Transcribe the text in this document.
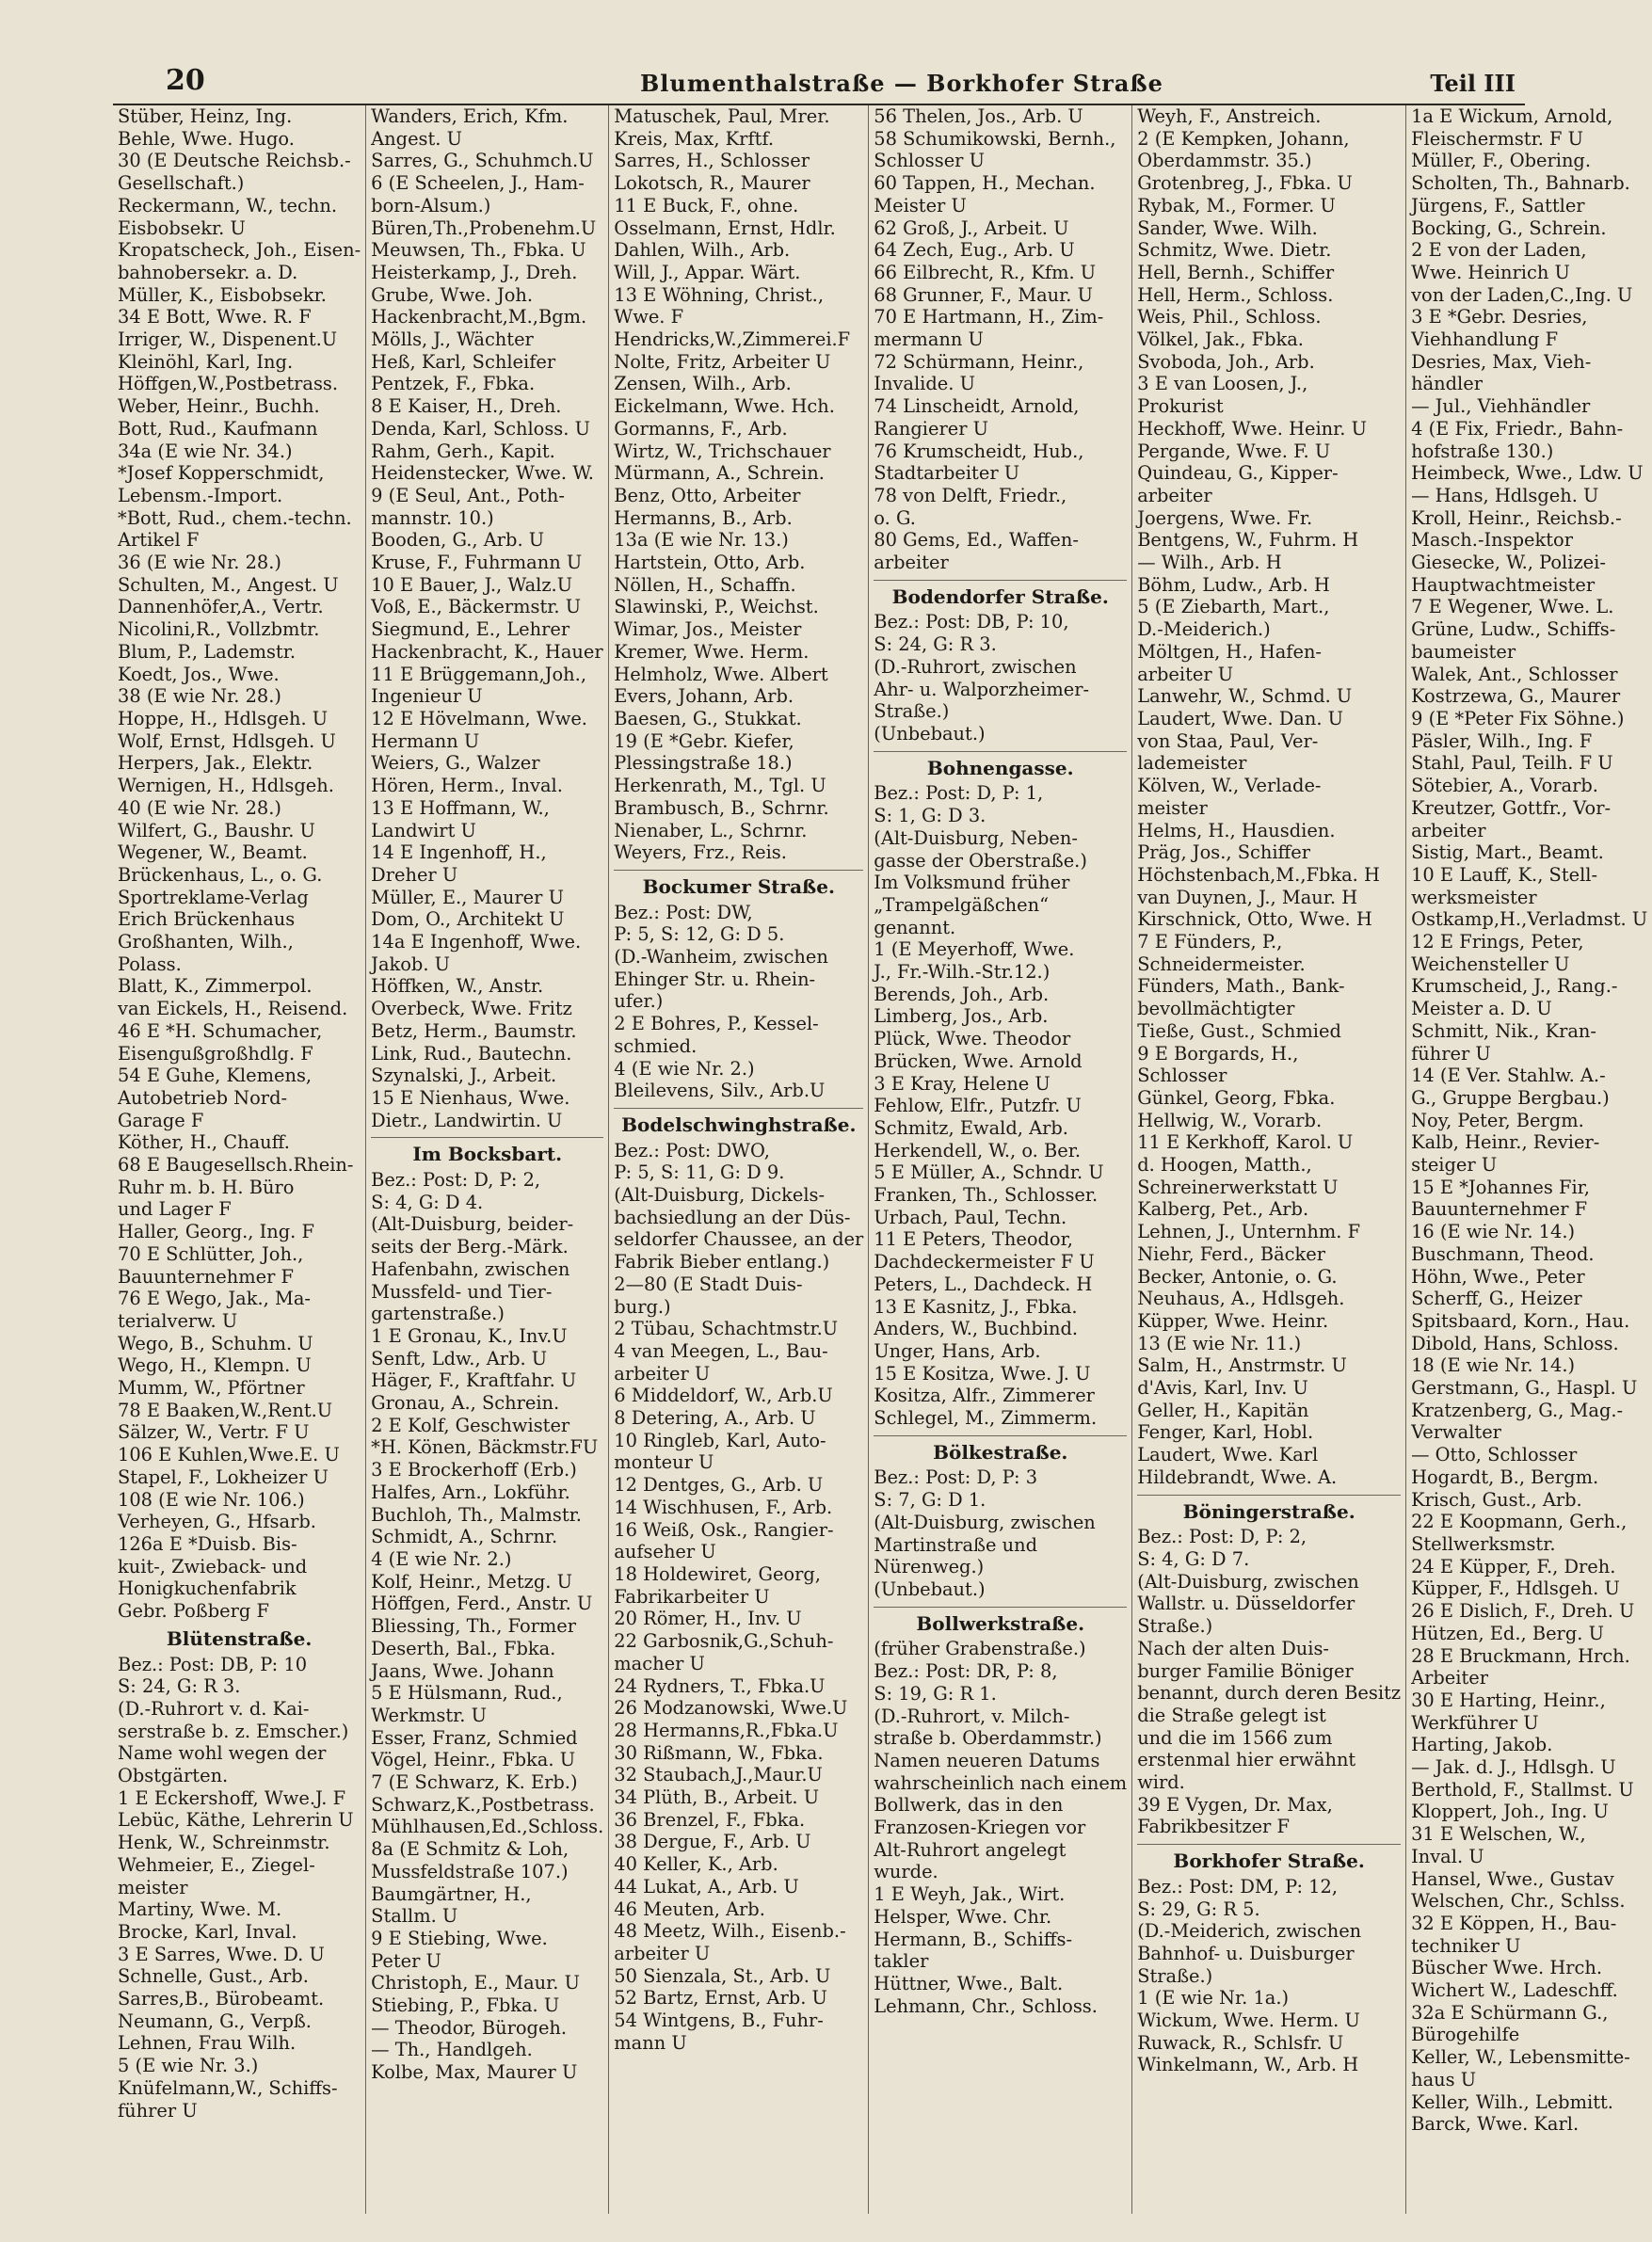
20	Blumenthalstraße — Borkhofer Straße	Teil III
Stüber, Heinz, Ing.
Behle, Wwe. Hugo.
30 (E Deutsche Reichsb.-
Gesellschaft.)
Reckermann, W., techn.
Eisbobsekr. U
Kropatscheck, Joh., Eisen-
bahnobersekr. a. D.
Müller, K., Eisbobsekr.
34 E Bott, Wwe. R. F
Irriger, W., Dispenent.U
Kleinöhl, Karl, Ing.
Höffgen,W.,Postbetrass.
Weber, Heinr., Buchh.
Bott, Rud., Kaufmann
34a (E wie Nr. 34.)
*Josef Kopperschmidt,
Lebensm.-Import.
*Bott, Rud., chem.-techn.
Artikel F
36 (E wie Nr. 28.)
Schulten, M., Angest. U
Dannenhöfer,A., Vertr.
Nicolini,R., Vollzbmtr.
Blum, P., Lademstr.
Koedt, Jos., Wwe.
38 (E wie Nr. 28.)
Hoppe, H., Hdlsgeh. U
Wolf, Ernst, Hdlsgeh. U
Herpers, Jak., Elektr.
Wernigen, H., Hdlsgeh.
40 (E wie Nr. 28.)
Wilfert, G., Baushr. U
Wegener, W., Beamt.
Brückenhaus, L., o. G.
Sportreklame-Verlag
Erich Brückenhaus
Großhanten, Wilh.,
Polass.
Blatt, K., Zimmerpol.
van Eickels, H., Reisend.
46 E *H. Schumacher,
Eisengußgroßhdlg. F
54 E Guhe, Klemens,
Autobetrieb Nord-
Garage F
Köther, H., Chauff.
68 E Baugesellsch.Rhein-
Ruhr m. b. H. Büro
und Lager F
Haller, Georg., Ing. F
70 E Schlütter, Joh.,
Bauunternehmer F
76 E Wego, Jak., Ma-
terialverw. U
Wego, B., Schuhm. U
Wego, H., Klempn. U
Mumm, W., Pförtner
78 E Baaken,W.,Rent.U
Sälzer, W., Vertr. F U
106 E Kuhlen,Wwe.E. U
Stapel, F., Lokheizer U
108 (E wie Nr. 106.)
Verheyen, G., Hfsarb.
126a E *Duisb. Bis-
kuit-, Zwieback- und
Honigkuchenfabrik
Gebr. Poßberg F
Blütenstraße.
Bez.: Post: DB, P: 10
S: 24, G: R 3.
(D.-Ruhrort v. d. Kai-
serstraße b. z. Emscher.)
Name wohl wegen der
Obstgärten.
1 E Eckershoff, Wwe.J. F
Lebüc, Käthe, Lehrerin U
Henk, W., Schreinmstr.
Wehmeier, E., Ziegel-
meister
Martiny, Wwe. M.
Brocke, Karl, Inval.
3 E Sarres, Wwe. D. U
Schnelle, Gust., Arb.
Sarres,B., Bürobeamt.
Neumann, G., Verpß.
Lehnen, Frau Wilh.
5 (E wie Nr. 3.)
Knüfelmann,W., Schiffs-
führer U
Wanders, Erich, Kfm.
Angest. U
Sarres, G., Schuhmch.U
6 (E Scheelen, J., Ham-
born-Alsum.)
Büren,Th.,Probenehm.U
Meuwsen, Th., Fbka. U
Heisterkamp, J., Dreh.
Grube, Wwe. Joh.
Hackenbracht,M.,Bgm.
Mölls, J., Wächter
Heß, Karl, Schleifer
Pentzek, F., Fbka.
8 E Kaiser, H., Dreh.
Denda, Karl, Schloss. U
Rahm, Gerh., Kapit.
Heidenstecker, Wwe. W.
9 (E Seul, Ant., Poth-
mannstr. 10.)
Booden, G., Arb. U
Kruse, F., Fuhrmann U
10 E Bauer, J., Walz.U
Voß, E., Bäckermstr. U
Siegmund, E., Lehrer
Hackenbracht, K., Hauer
11 E Brüggemann,Joh.,
Ingenieur U
12 E Hövelmann, Wwe.
Hermann U
Weiers, G., Walzer
Hören, Herm., Inval.
13 E Hoffmann, W.,
Landwirt U
14 E Ingenhoff, H.,
Dreher U
Müller, E., Maurer U
Dom, O., Architekt U
14a E Ingenhoff, Wwe.
Jakob. U
Höffken, W., Anstr.
Overbeck, Wwe. Fritz
Betz, Herm., Baumstr.
Link, Rud., Bautechn.
Szynalski, J., Arbeit.
15 E Nienhaus, Wwe.
Dietr., Landwirtin. U
Im Bocksbart.
Bez.: Post: D, P: 2,
S: 4, G: D 4.
(Alt-Duisburg, beider-
seits der Berg.-Märk.
Hafenbahn, zwischen
Mussfeld- und Tier-
gartenstraße.)
1 E Gronau, K., Inv.U
Senft, Ldw., Arb. U
Häger, F., Kraftfahr. U
Gronau, A., Schrein.
2 E Kolf, Geschwister
*H. Könen, Bäckmstr.FU
3 E Brockerhoff (Erb.)
Halfes, Arn., Lokführ.
Buchloh, Th., Malmstr.
Schmidt, A., Schrnr.
4 (E wie Nr. 2.)
Kolf, Heinr., Metzg. U
Höffgen, Ferd., Anstr. U
Bliessing, Th., Former
Deserth, Bal., Fbka.
Jaans, Wwe. Johann
5 E Hülsmann, Rud.,
Werkmstr. U
Esser, Franz, Schmied
Vögel, Heinr., Fbka. U
7 (E Schwarz, K. Erb.)
Schwarz,K.,Postbetrass.
Mühlhausen,Ed.,Schloss.
8a (E Schmitz & Loh,
Mussfeldstraße 107.)
Baumgärtner, H.,
Stallm. U
9 E Stiebing, Wwe.
Peter U
Christoph, E., Maur. U
Stiebing, P., Fbka. U
— Theodor, Bürogeh.
— Th., Handlgeh.
Kolbe, Max, Maurer U
Matuschek, Paul, Mrer.
Kreis, Max, Krftf.
Sarres, H., Schlosser
Lokotsch, R., Maurer
11 E Buck, F., ohne.
Osselmann, Ernst, Hdlr.
Dahlen, Wilh., Arb.
Will, J., Appar. Wärt.
13 E Wöhning, Christ.,
Wwe. F
Hendricks,W.,Zimmerei.F
Nolte, Fritz, Arbeiter U
Zensen, Wilh., Arb.
Eickelmann, Wwe. Hch.
Gormanns, F., Arb.
Wirtz, W., Trichschauer
Mürmann, A., Schrein.
Benz, Otto, Arbeiter
Hermanns, B., Arb.
13a (E wie Nr. 13.)
Hartstein, Otto, Arb.
Nöllen, H., Schaffn.
Slawinski, P., Weichst.
Wimar, Jos., Meister
Kremer, Wwe. Herm.
Helmholz, Wwe. Albert
Evers, Johann, Arb.
Baesen, G., Stukkat.
19 (E *Gebr. Kiefer,
Plessingstraße 18.)
Herkenrath, M., Tgl. U
Brambusch, B., Schrnr.
Nienaber, L., Schrnr.
Weyers, Frz., Reis.
Bockumer Straße.
Bez.: Post: DW,
P: 5, S: 12, G: D 5.
(D.-Wanheim, zwischen
Ehinger Str. u. Rhein-
ufer.)
2 E Bohres, P., Kessel-
schmied.
4 (E wie Nr. 2.)
Bleilevens, Silv., Arb.U
Bodelschwinghstraße.
Bez.: Post: DWO,
P: 5, S: 11, G: D 9.
(Alt-Duisburg, Dickels-
bachsiedlung an der Düs-
seldorfer Chaussee, an der
Fabrik Bieber entlang.)
2—80 (E Stadt Duis-
burg.)
2 Tübau, Schachtmstr.U
4 van Meegen, L., Bau-
arbeiter U
6 Middeldorf, W., Arb.U
8 Detering, A., Arb. U
10 Ringleb, Karl, Auto-
monteur U
12 Dentges, G., Arb. U
14 Wischhusen, F., Arb.
16 Weiß, Osk., Rangier-
aufseher U
18 Holdewiret, Georg,
Fabrikarbeiter U
20 Römer, H., Inv. U
22 Garbosnik,G.,Schuh-
macher U
24 Rydners, T., Fbka.U
26 Modzanowski, Wwe.U
28 Hermanns,R.,Fbka.U
30 Rißmann, W., Fbka.
32 Staubach,J.,Maur.U
34 Plüth, B., Arbeit. U
36 Brenzel, F., Fbka.
38 Dergue, F., Arb. U
40 Keller, K., Arb.
44 Lukat, A., Arb. U
46 Meuten, Arb.
48 Meetz, Wilh., Eisenb.-
arbeiter U
50 Sienzala, St., Arb. U
52 Bartz, Ernst, Arb. U
54 Wintgens, B., Fuhr-
mann U
56 Thelen, Jos., Arb. U
58 Schumikowski, Bernh.,
Schlosser U
60 Tappen, H., Mechan.
Meister U
62 Groß, J., Arbeit. U
64 Zech, Eug., Arb. U
66 Eilbrecht, R., Kfm. U
68 Grunner, F., Maur. U
70 E Hartmann, H., Zim-
mermann U
72 Schürmann, Heinr.,
Invalide. U
74 Linscheidt, Arnold,
Rangierer U
76 Krumscheidt, Hub.,
Stadtarbeiter U
78 von Delft, Friedr.,
o. G.
80 Gems, Ed., Waffen-
arbeiter
Bodendorfer Straße.
Bez.: Post: DB, P: 10,
S: 24, G: R 3.
(D.-Ruhrort, zwischen
Ahr- u. Walporzheimer-
Straße.)
(Unbebaut.)
Bohnengasse.
Bez.: Post: D, P: 1,
S: 1, G: D 3.
(Alt-Duisburg, Neben-
gasse der Oberstraße.)
Im Volksmund früher
„Trampelgäßchen“
genannt.
1 (E Meyerhoff, Wwe.
J., Fr.-Wilh.-Str.12.)
Berends, Joh., Arb.
Limberg, Jos., Arb.
Plück, Wwe. Theodor
Brücken, Wwe. Arnold
3 E Kray, Helene U
Fehlow, Elfr., Putzfr. U
Schmitz, Ewald, Arb.
Herkendell, W., o. Ber.
5 E Müller, A., Schndr. U
Franken, Th., Schlosser.
Urbach, Paul, Techn.
11 E Peters, Theodor,
Dachdeckermeister F U
Peters, L., Dachdeck. H
13 E Kasnitz, J., Fbka.
Anders, W., Buchbind.
Unger, Hans, Arb.
15 E Kositza, Wwe. J. U
Kositza, Alfr., Zimmerer
Schlegel, M., Zimmerm.
Bölkestraße.
Bez.: Post: D, P: 3
S: 7, G: D 1.
(Alt-Duisburg, zwischen
Martinstraße und
Nürenweg.)
(Unbebaut.)
Bollwerkstraße.
(früher Grabenstraße.)
Bez.: Post: DR, P: 8,
S: 19, G: R 1.
(D.-Ruhrort, v. Milch-
straße b. Oberdammstr.)
Namen neueren Datums
wahrscheinlich nach einem
Bollwerk, das in den
Franzosen-Kriegen vor
Alt-Ruhrort angelegt
wurde.
1 E Weyh, Jak., Wirt.
Helsper, Wwe. Chr.
Hermann, B., Schiffs-
takler
Hüttner, Wwe., Balt.
Lehmann, Chr., Schloss.
Weyh, F., Anstreich.
2 (E Kempken, Johann,
Oberdammstr. 35.)
Grotenbreg, J., Fbka. U
Rybak, M., Former. U
Sander, Wwe. Wilh.
Schmitz, Wwe. Dietr.
Hell, Bernh., Schiffer
Hell, Herm., Schloss.
Weis, Phil., Schloss.
Völkel, Jak., Fbka.
Svoboda, Joh., Arb.
3 E van Loosen, J.,
Prokurist
Heckhoff, Wwe. Heinr. U
Pergande, Wwe. F. U
Quindeau, G., Kipper-
arbeiter
Joergens, Wwe. Fr.
Bentgens, W., Fuhrm. H
— Wilh., Arb. H
Böhm, Ludw., Arb. H
5 (E Ziebarth, Mart.,
D.-Meiderich.)
Möltgen, H., Hafen-
arbeiter U
Lanwehr, W., Schmd. U
Laudert, Wwe. Dan. U
von Staa, Paul, Ver-
lademeister
Kölven, W., Verlade-
meister
Helms, H., Hausdien.
Präg, Jos., Schiffer
Höchstenbach,M.,Fbka. H
van Duynen, J., Maur. H
Kirschnick, Otto, Wwe. H
7 E Fünders, P.,
Schneidermeister.
Fünders, Math., Bank-
bevollmächtigter
Tieße, Gust., Schmied
9 E Borgards, H.,
Schlosser
Günkel, Georg, Fbka.
Hellwig, W., Vorarb.
11 E Kerkhoff, Karol. U
d. Hoogen, Matth.,
Schreinerwerkstatt U
Kalberg, Pet., Arb.
Lehnen, J., Unternhm. F
Niehr, Ferd., Bäcker
Becker, Antonie, o. G.
Neuhaus, A., Hdlsgeh.
Küpper, Wwe. Heinr.
13 (E wie Nr. 11.)
Salm, H., Anstrmstr. U
d'Avis, Karl, Inv. U
Geller, H., Kapitän
Fenger, Karl, Hobl.
Laudert, Wwe. Karl
Hildebrandt, Wwe. A.
Böningerstraße.
Bez.: Post: D, P: 2,
S: 4, G: D 7.
(Alt-Duisburg, zwischen
Wallstr. u. Düsseldorfer
Straße.)
Nach der alten Duis-
burger Familie Böniger
benannt, durch deren Besitz
die Straße gelegt ist
und die im 1566 zum
erstenmal hier erwähnt
wird.
39 E Vygen, Dr. Max,
Fabrikbesitzer F
Borkhofer Straße.
Bez.: Post: DM, P: 12,
S: 29, G: R 5.
(D.-Meiderich, zwischen
Bahnhof- u. Duisburger
Straße.)
1 (E wie Nr. 1a.)
Wickum, Wwe. Herm. U
Ruwack, R., Schlsfr. U
Winkelmann, W., Arb. H
1a E Wickum, Arnold,
Fleischermstr. F U
Müller, F., Obering.
Scholten, Th., Bahnarb.
Jürgens, F., Sattler
Bocking, G., Schrein.
2 E von der Laden,
Wwe. Heinrich U
von der Laden,C.,Ing. U
3 E *Gebr. Desries,
Viehhandlung F
Desries, Max, Vieh-
händler
— Jul., Viehhändler
4 (E Fix, Friedr., Bahn-
hofstraße 130.)
Heimbeck, Wwe., Ldw. U
— Hans, Hdlsgeh. U
Kroll, Heinr., Reichsb.-
Masch.-Inspektor
Giesecke, W., Polizei-
Hauptwachtmeister
7 E Wegener, Wwe. L.
Grüne, Ludw., Schiffs-
baumeister
Walek, Ant., Schlosser
Kostrzewa, G., Maurer
9 (E *Peter Fix Söhne.)
Päsler, Wilh., Ing. F
Stahl, Paul, Teilh. F U
Sötebier, A., Vorarb.
Kreutzer, Gottfr., Vor-
arbeiter
Sistig, Mart., Beamt.
10 E Lauff, K., Stell-
werksmeister
Ostkamp,H.,Verladmst. U
12 E Frings, Peter,
Weichensteller U
Krumscheid, J., Rang.-
Meister a. D. U
Schmitt, Nik., Kran-
führer U
14 (E Ver. Stahlw. A.-
G., Gruppe Bergbau.)
Noy, Peter, Bergm.
Kalb, Heinr., Revier-
steiger U
15 E *Johannes Fir,
Bauunternehmer F
16 (E wie Nr. 14.)
Buschmann, Theod.
Höhn, Wwe., Peter
Scherff, G., Heizer
Spitsbaard, Korn., Hau.
Dibold, Hans, Schloss.
18 (E wie Nr. 14.)
Gerstmann, G., Haspl. U
Kratzenberg, G., Mag.-
Verwalter
— Otto, Schlosser
Hogardt, B., Bergm.
Krisch, Gust., Arb.
22 E Koopmann, Gerh.,
Stellwerksmstr.
24 E Küpper, F., Dreh.
Küpper, F., Hdlsgeh. U
26 E Dislich, F., Dreh. U
Hützen, Ed., Berg. U
28 E Bruckmann, Hrch.
Arbeiter
30 E Harting, Heinr.,
Werkführer U
Harting, Jakob.
— Jak. d. J., Hdlsgh. U
Berthold, F., Stallmst. U
Kloppert, Joh., Ing. U
31 E Welschen, W.,
Inval. U
Hansel, Wwe., Gustav
Welschen, Chr., Schlss.
32 E Köppen, H., Bau-
techniker U
Büscher Wwe. Hrch.
Wichert W., Ladeschff.
32a E Schürmann G.,
Bürogehilfe
Keller, W., Lebensmitte-
haus U
Keller, Wilh., Lebmitt.
Barck, Wwe. Karl.
